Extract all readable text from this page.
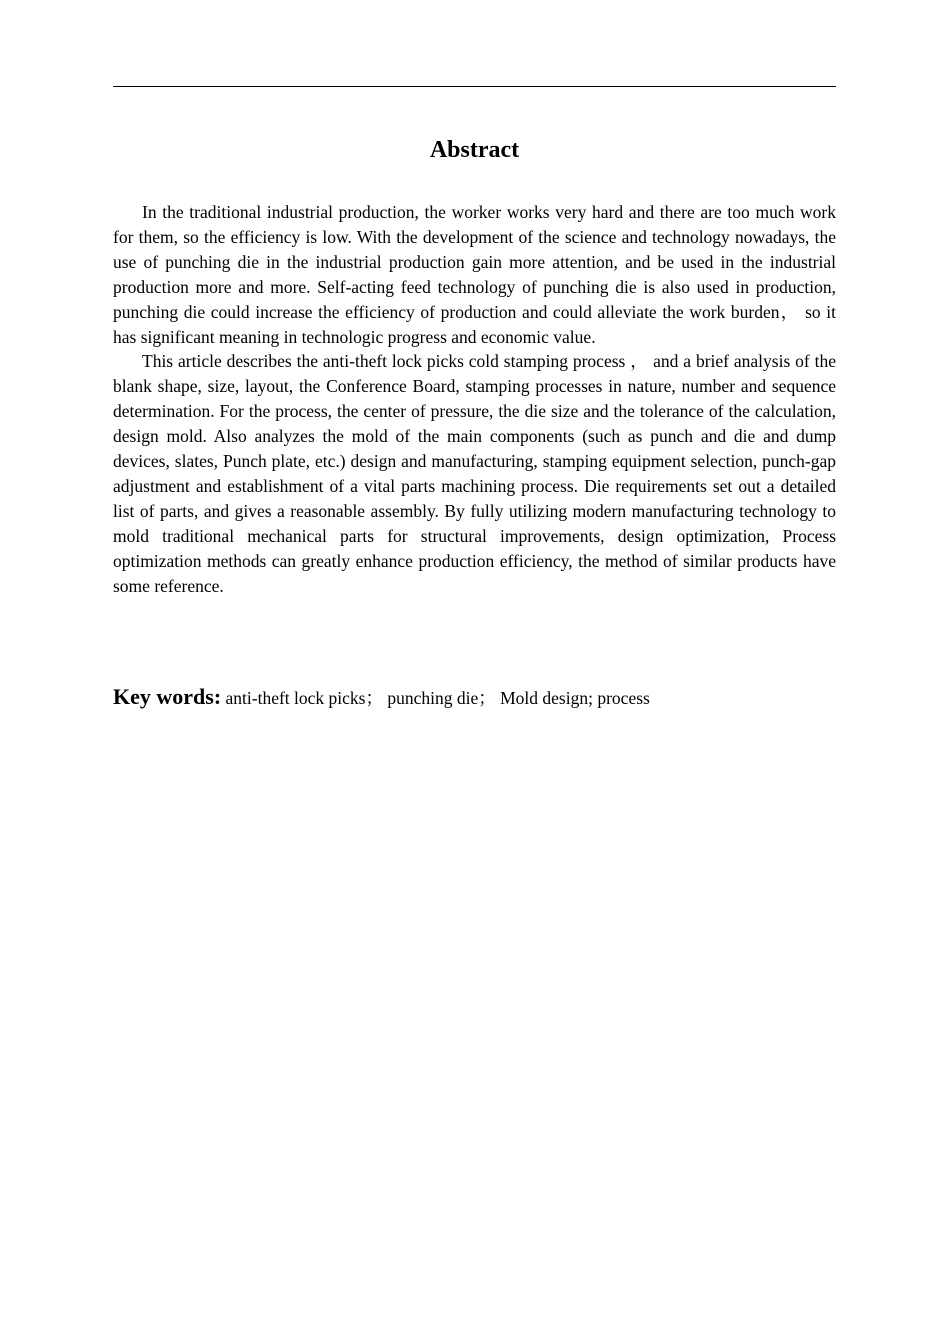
Abstract

In the traditional industrial production, the worker works very hard and there are too much work for them, so the efficiency is low. With the development of the science and technology nowadays, the use of punching die in the industrial production gain more attention, and be used in the industrial production more and more. Self-acting feed technology of punching die is also used in production, punching die could increase the efficiency of production and could alleviate the work burden， so it has significant meaning in technologic progress and economic value.

This article describes the anti-theft lock picks cold stamping process ， and a brief analysis of the blank shape, size, layout, the Conference Board, stamping processes in nature, number and sequence determination. For the process, the center of pressure, the die size and the tolerance of the calculation, design mold. Also analyzes the mold of the main components (such as punch and die and dump devices, slates, Punch plate, etc.) design and manufacturing, stamping equipment selection, punch-gap adjustment and establishment of a vital parts machining process. Die requirements set out a detailed list of parts, and gives a reasonable assembly. By fully utilizing modern manufacturing technology to mold traditional mechanical parts for structural improvements, design optimization, Process optimization methods can greatly enhance production efficiency, the method of similar products have some reference.

Key words: anti-theft lock picks； punching die； Mold design; process
